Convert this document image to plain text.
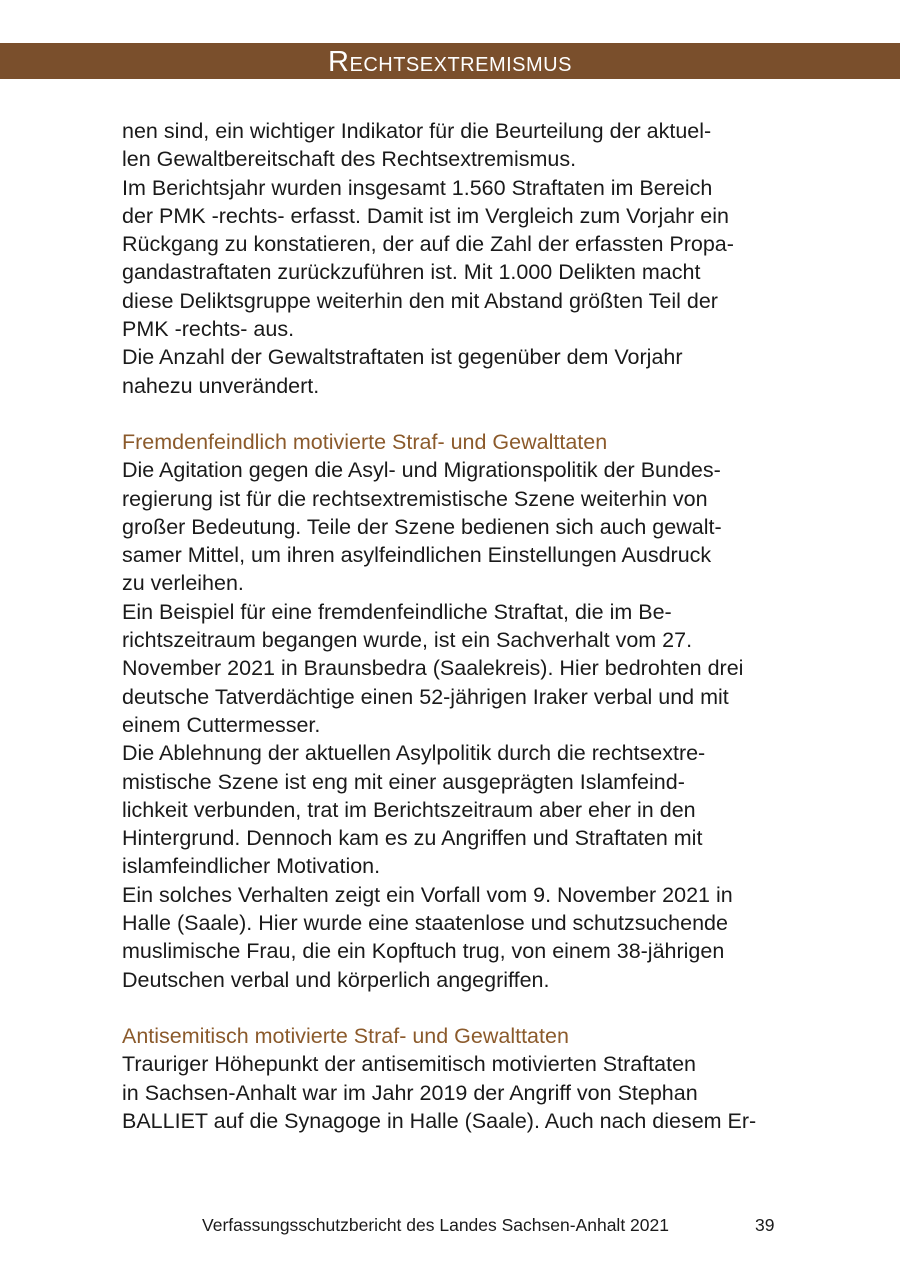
Rechtsextremismus

nen sind, ein wichtiger Indikator für die Beurteilung der aktuel-
len Gewaltbereitschaft des Rechtsextremismus.

Im Berichtsjahr wurden insgesamt 1.560 Straftaten im Bereich
der PMK -rechts- erfasst. Damit ist im Vergleich zum Vorjahr ein
Rückgang zu konstatieren, der auf die Zahl der erfassten Propa-
gandastraftaten zurückzuführen ist. Mit 1.000 Delikten macht
diese Deliktsgruppe weiterhin den mit Abstand größten Teil der
PMK -rechts- aus.

Die Anzahl der Gewaltstraftaten ist gegenüber dem Vorjahr
nahezu unverändert.

Fremdenfeindlich motivierte Straf- und Gewalttaten

Die Agitation gegen die Asyl- und Migrationspolitik der Bundes-
regierung ist für die rechtsextremistische Szene weiterhin von
großer Bedeutung. Teile der Szene bedienen sich auch gewalt-
samer Mittel, um ihren asylfeindlichen Einstellungen Ausdruck
zu verleihen.

Ein Beispiel für eine fremdenfeindliche Straftat, die im Be-
richtszeitraum begangen wurde, ist ein Sachverhalt vom 27.
November 2021 in Braunsbedra (Saalekreis). Hier bedrohten drei
deutsche Tatverdächtige einen 52-jährigen Iraker verbal und mit
einem Cuttermesser.

Die Ablehnung der aktuellen Asylpolitik durch die rechtsextre-
mistische Szene ist eng mit einer ausgeprägten Islamfeind-
lichkeit verbunden, trat im Berichtszeitraum aber eher in den
Hintergrund. Dennoch kam es zu Angriffen und Straftaten mit
islamfeindlicher Motivation.

Ein solches Verhalten zeigt ein Vorfall vom 9. November 2021 in
Halle (Saale). Hier wurde eine staatenlose und schutzsuchende
muslimische Frau, die ein Kopftuch trug, von einem 38-jährigen
Deutschen verbal und körperlich angegriffen.

Antisemitisch motivierte Straf- und Gewalttaten

Trauriger Höhepunkt der antisemitisch motivierten Straftaten
in Sachsen-Anhalt war im Jahr 2019 der Angriff von Stephan
BALLIET auf die Synagoge in Halle (Saale). Auch nach diesem Er-

Verfassungsschutzbericht des Landes Sachsen-Anhalt 2021	39
